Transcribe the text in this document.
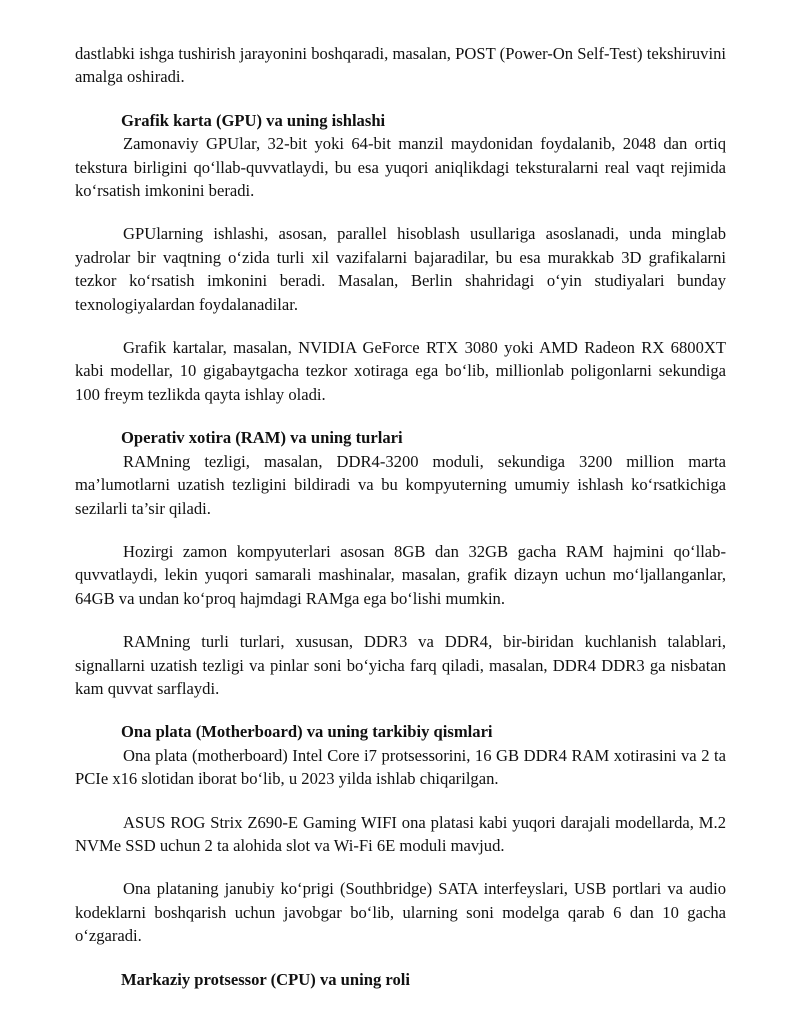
dastlabki ishga tushirish jarayonini boshqaradi, masalan, POST (Power-On Self-Test) tekshiruvini amalga oshiradi.

Grafik karta (GPU) va uning ishlashi

Zamonaviy GPUlar, 32-bit yoki 64-bit manzil maydonidan foydalanib, 2048 dan ortiq tekstura birligini qo‘llab-quvvatlaydi, bu esa yuqori aniqlikdagi teksturalarni real vaqt rejimida ko‘rsatish imkonini beradi.

GPUlarning ishlashi, asosan, parallel hisoblash usullariga asoslanadi, unda minglab yadrolar bir vaqtning o‘zida turli xil vazifalarni bajaradilar, bu esa murakkab 3D grafikalarni tezkor ko‘rsatish imkonini beradi. Masalan, Berlin shahridagi o‘yin studiyalari bunday texnologiyalardan foydalanadilar.

Grafik kartalar, masalan, NVIDIA GeForce RTX 3080 yoki AMD Radeon RX 6800XT kabi modellar, 10 gigabaytgacha tezkor xotiraga ega bo‘lib, millionlab poligonlarni sekundiga 100 freym tezlikda qayta ishlay oladi.

Operativ xotira (RAM) va uning turlari

RAMning tezligi, masalan, DDR4-3200 moduli, sekundiga 3200 million marta ma’lumotlarni uzatish tezligini bildiradi va bu kompyuterning umumiy ishlash ko‘rsatkichiga sezilarli ta’sir qiladi.

Hozirgi zamon kompyuterlari asosan 8GB dan 32GB gacha RAM hajmini qo‘llab-quvvatlaydi, lekin yuqori samarali mashinalar, masalan, grafik dizayn uchun mo‘ljallanganlar, 64GB va undan ko‘proq hajmdagi RAMga ega bo‘lishi mumkin.

RAMning turli turlari, xususan, DDR3 va DDR4, bir-biridan kuchlanish talablari, signallarni uzatish tezligi va pinlar soni bo‘yicha farq qiladi, masalan, DDR4 DDR3 ga nisbatan kam quvvat sarflaydi.

Ona plata (Motherboard) va uning tarkibiy qismlari

Ona plata (motherboard) Intel Core i7 protsessorini, 16 GB DDR4 RAM xotirasini va 2 ta PCIe x16 slotidan iborat bo‘lib, u 2023 yilda ishlab chiqarilgan.

ASUS ROG Strix Z690-E Gaming WIFI ona platasi kabi yuqori darajali modellarda, M.2 NVMe SSD uchun 2 ta alohida slot va Wi-Fi 6E moduli mavjud.

Ona plataning janubiy ko‘prigi (Southbridge) SATA interfeyslari, USB portlari va audio kodeklarni boshqarish uchun javobgar bo‘lib, ularning soni modelga qarab 6 dan 10 gacha o‘zgaradi.

Markaziy protsessor (CPU) va uning roli
